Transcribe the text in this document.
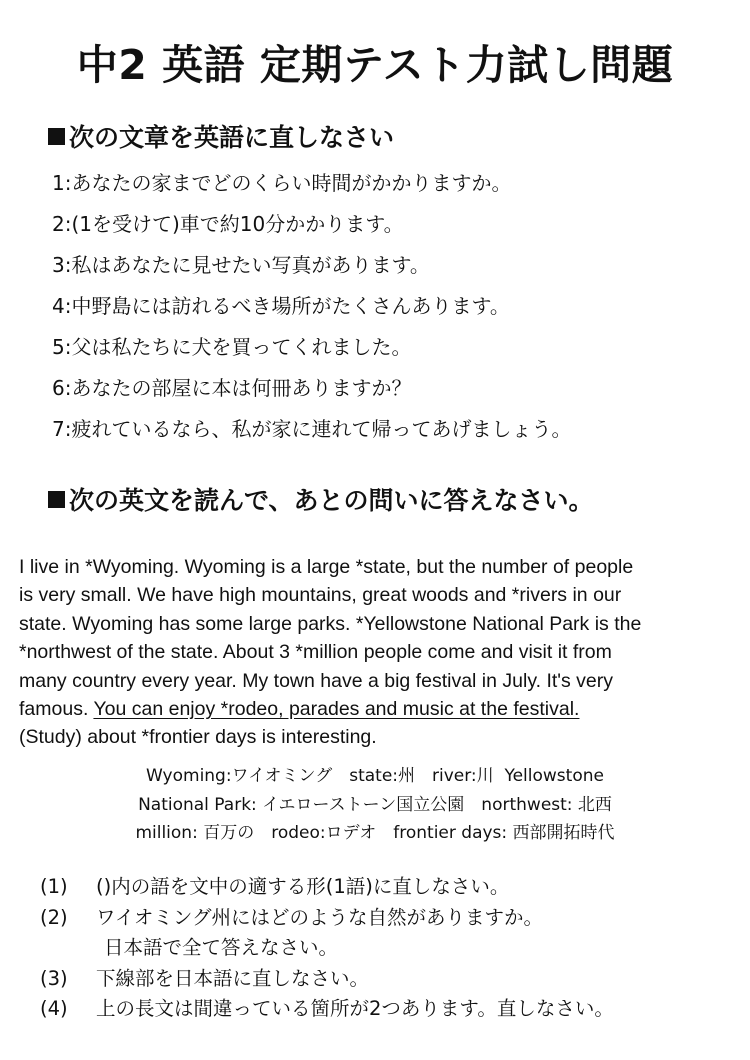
中2 英語 定期テスト力試し問題
次の文章を英語に直しなさい
1:あなたの家までどのくらい時間がかかりますか。
2:(1を受けて)車で約10分かかります。
3:私はあなたに見せたい写真があります。
4:中野島には訪れるべき場所がたくさんあります。
5:父は私たちに犬を買ってくれました。
6:あなたの部屋に本は何冊ありますか？
7:疲れているなら、私が家に連れて帰ってあげましょう。
次の英文を読んで、あとの問いに答えなさい。
I live in *Wyoming. Wyoming is a large *state, but the number of people
is very small. We have high mountains, great woods and *rivers in our
state. Wyoming has some large parks. *Yellowstone National Park is the
*northwest of the state. About 3 *million people come and visit it from
many country every year. My town have a big festival in July. It's very
famous. You can enjoy *rodeo, parades and music at the festival.
(Study) about *frontier days is interesting.
Wyoming:ワイオミング　state:州　river:川  Yellowstone
National Park: イエローストーン国立公園　northwest: 北西
million: 百万の　rodeo:ロデオ　frontier days: 西部開拓時代
(1)	()内の語を文中の適する形(1語)に直しなさい。
(2)	ワイオミング州にはどのような自然がありますか。
日本語で全て答えなさい。
(3)	下線部を日本語に直しなさい。
(4)	上の長文は間違っている箇所が2つあります。直しなさい。
